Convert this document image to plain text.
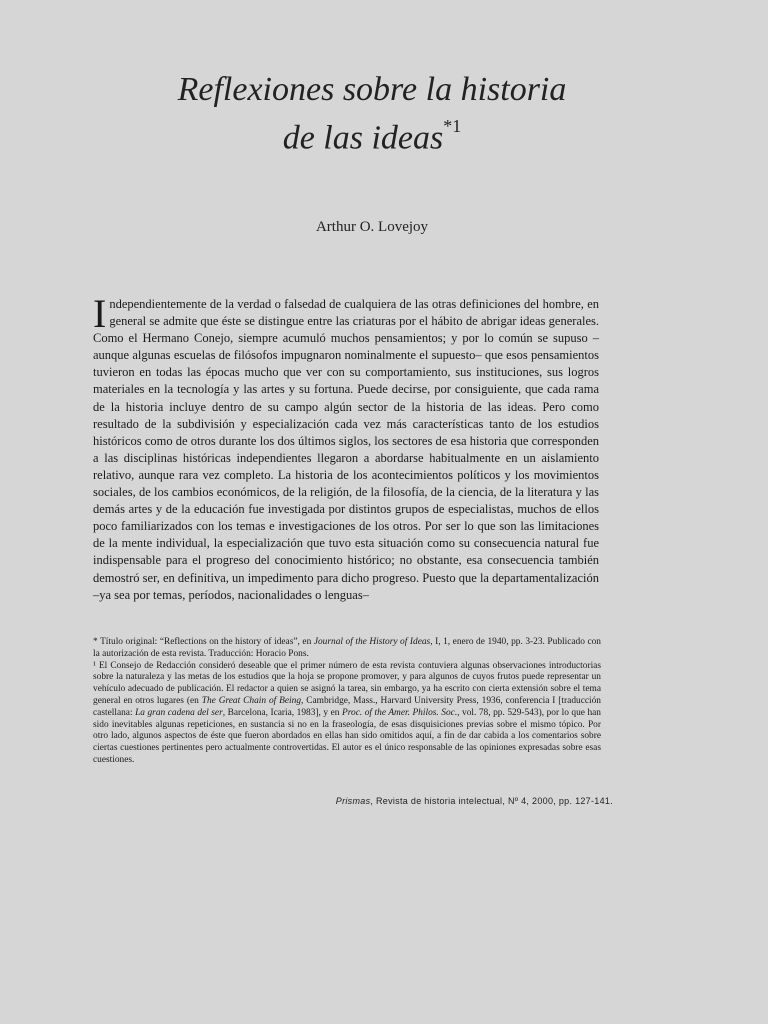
Reflexiones sobre la historia
de las ideas$^{*1}$
Arthur O. Lovejoy
Independientemente de la verdad o falsedad de cualquiera de las otras definiciones del hombre, en general se admite que éste se distingue entre las criaturas por el hábito de abrigar ideas generales. Como el Hermano Conejo, siempre acumuló muchos pensamientos; y por lo común se supuso –aunque algunas escuelas de filósofos impugnaron nominalmente el supuesto– que esos pensamientos tuvieron en todas las épocas mucho que ver con su comportamiento, sus instituciones, sus logros materiales en la tecnología y las artes y su fortuna. Puede decirse, por consiguiente, que cada rama de la historia incluye dentro de su campo algún sector de la historia de las ideas. Pero como resultado de la subdivisión y especialización cada vez más características tanto de los estudios históricos como de otros durante los dos últimos siglos, los sectores de esa historia que corresponden a las disciplinas históricas independientes llegaron a abordarse habitualmente en un aislamiento relativo, aunque rara vez completo. La historia de los acontecimientos políticos y los movimientos sociales, de los cambios económicos, de la religión, de la filosofía, de la ciencia, de la literatura y las demás artes y de la educación fue investigada por distintos grupos de especialistas, muchos de ellos poco familiarizados con los temas e investigaciones de los otros. Por ser lo que son las limitaciones de la mente individual, la especialización que tuvo esta situación como su consecuencia natural fue indispensable para el progreso del conocimiento histórico; no obstante, esa consecuencia también demostró ser, en definitiva, un impedimento para dicho progreso. Puesto que la departamentalización –ya sea por temas, períodos, nacionalidades o lenguas–

* Título original: “Reflections on the history of ideas”, en Journal of the History of Ideas, I, 1, enero de 1940, pp. 3-23. Publicado con la autorización de esta revista. Traducción: Horacio Pons.

¹ El Consejo de Redacción consideró deseable que el primer número de esta revista contuviera algunas observaciones introductorias sobre la naturaleza y las metas de los estudios que la hoja se propone promover, y para algunos de cuyos frutos puede representar un vehículo adecuado de publicación. El redactor a quien se asignó la tarea, sin embargo, ya ha escrito con cierta extensión sobre el tema general en otros lugares (en The Great Chain of Being, Cambridge, Mass., Harvard University Press, 1936, conferencia I [traducción castellana: La gran cadena del ser, Barcelona, Icaria, 1983], y en Proc. of the Amer. Philos. Soc., vol. 78, pp. 529-543), por lo que han sido inevitables algunas repeticiones, en sustancia si no en la fraseología, de esas disquisiciones previas sobre el mismo tópico. Por otro lado, algunos aspectos de éste que fueron abordados en ellas han sido omitidos aquí, a fin de dar cabida a los comentarios sobre ciertas cuestiones pertinentes pero actualmente controvertidas. El autor es el único responsable de las opiniones expresadas sobre esas cuestiones.

Prismas, Revista de historia intelectual, Nº 4, 2000, pp. 127-141.
